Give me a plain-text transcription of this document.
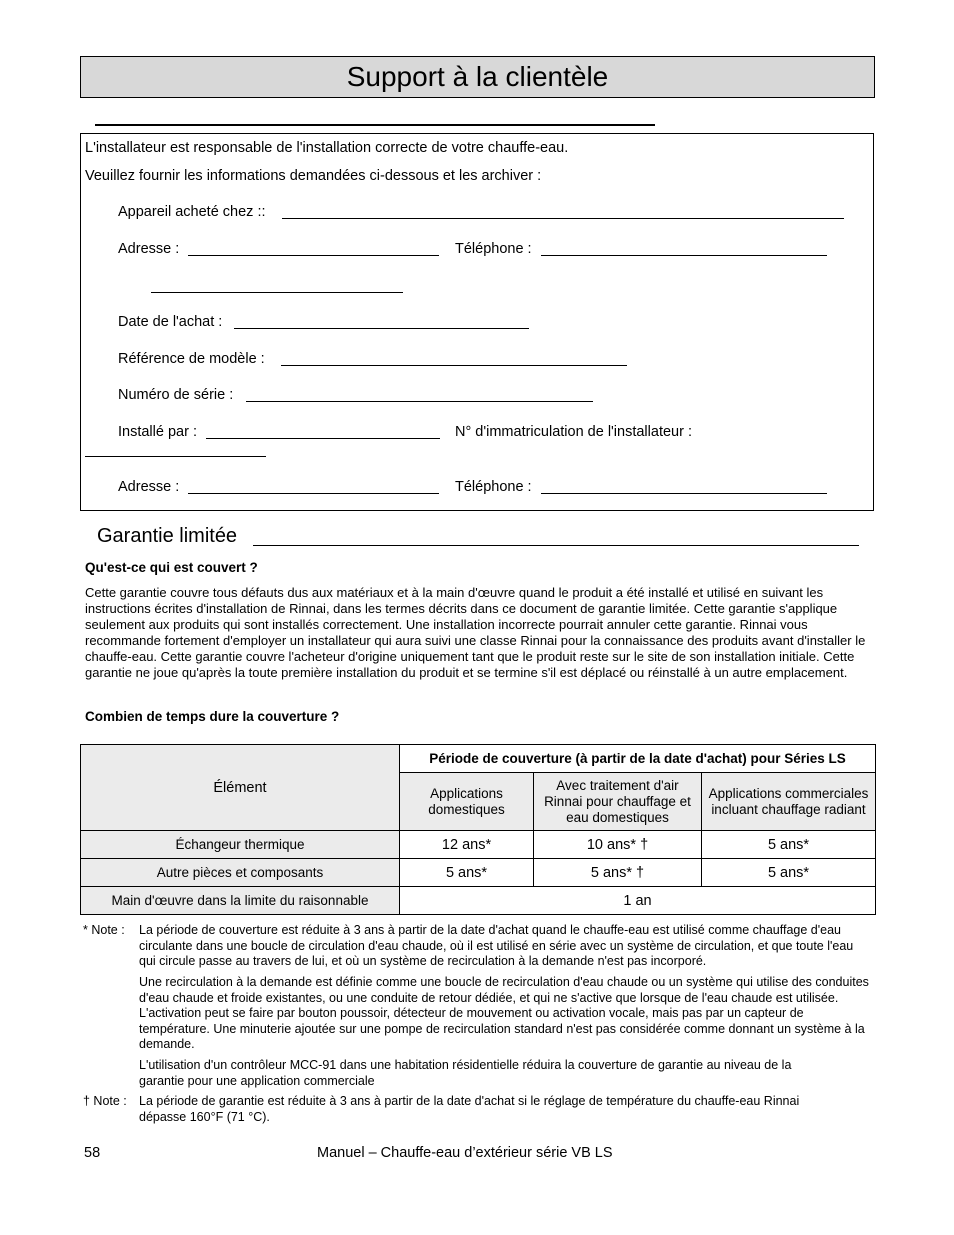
Support à la clientèle
L'installateur est responsable de l'installation correcte de votre chauffe-eau.
Veuillez fournir les informations demandées ci-dessous et les archiver :
Appareil acheté chez ::
Adresse :	Téléphone :
Date de l'achat :
Référence de modèle :
Numéro de série :
Installé par :	N° d'immatriculation de l'installateur :
Adresse :	Téléphone :
Garantie limitée
Qu'est-ce qui est couvert ?
Cette garantie couvre tous défauts dus aux matériaux et à la main d'œuvre quand le produit a été installé et utilisé en suivant les instructions écrites d'installation de Rinnai, dans les termes décrits dans ce document de garantie limitée. Cette garantie s'applique seulement aux produits qui sont installés correctement. Une installation incorrecte pourrait annuler cette garantie. Rinnai vous recommande fortement d'employer un installateur qui aura suivi une classe Rinnai pour la connaissance des produits avant d'installer le chauffe-eau. Cette garantie couvre l'acheteur d'origine uniquement tant que le produit reste sur le site de son installation initiale. Cette garantie ne joue qu'après la toute première installation du produit et se termine s'il est déplacé ou réinstallé à un autre emplacement.
Combien de temps dure la couverture ?
Élément	Période de couverture (à partir de la date d'achat) pour Séries LS		
	Applications domestiques	Avec traitement d'air Rinnai pour chauffage et eau domestiques	Applications commerciales incluant chauffage radiant
Échangeur thermique	12 ans*	10 ans* †	5 ans*
Autre pièces et composants	5 ans*	5 ans* †	5 ans*
Main d'œuvre dans la limite du raisonnable	1 an		
* Note : La période de couverture est réduite à 3 ans à partir de la date d'achat quand le chauffe-eau est utilisé comme chauffage d'eau circulante dans une boucle de circulation d'eau chaude, où il est utilisé en série avec un système de circulation, et que toute l'eau qui circule passe au travers de lui, et où un système de recirculation à la demande n'est pas incorporé.
Une recirculation à la demande est définie comme une boucle de recirculation d'eau chaude ou un système qui utilise des conduites d'eau chaude et froide existantes, ou une conduite de retour dédiée, et qui ne s'active que lorsque de l'eau chaude est utilisée. L'activation peut se faire par bouton poussoir, détecteur de mouvement ou activation vocale, mais pas par un capteur de température. Une minuterie ajoutée sur une pompe de recirculation standard n'est pas considérée comme donnant un système à la demande.
L'utilisation d'un contrôleur MCC-91 dans une habitation résidentielle réduira la couverture de garantie au niveau de la garantie pour une application commerciale
† Note : La période de garantie est réduite à 3 ans à partir de la date d'achat si le réglage de température du chauffe-eau Rinnai dépasse 160°F (71 °C).
58	Manuel – Chauffe-eau d’extérieur série VB LS
